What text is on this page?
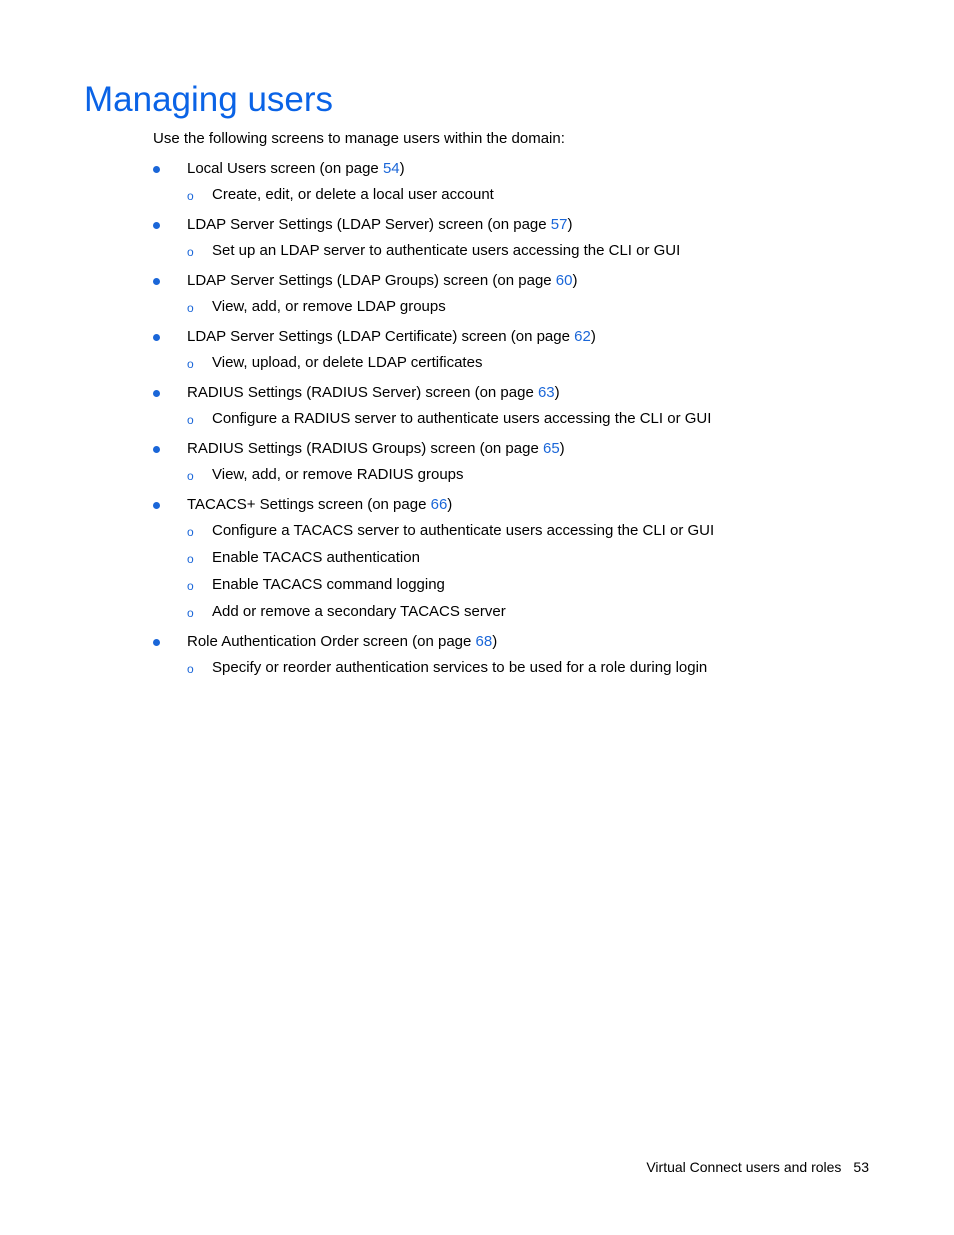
Managing users

Use the following screens to manage users within the domain:

Local Users screen (on page 54)
o Create, edit, or delete a local user account
LDAP Server Settings (LDAP Server) screen (on page 57)
o Set up an LDAP server to authenticate users accessing the CLI or GUI
LDAP Server Settings (LDAP Groups) screen (on page 60)
o View, add, or remove LDAP groups
LDAP Server Settings (LDAP Certificate) screen (on page 62)
o View, upload, or delete LDAP certificates
RADIUS Settings (RADIUS Server) screen (on page 63)
o Configure a RADIUS server to authenticate users accessing the CLI or GUI
RADIUS Settings (RADIUS Groups) screen (on page 65)
o View, add, or remove RADIUS groups
TACACS+ Settings screen (on page 66)
o Configure a TACACS server to authenticate users accessing the CLI or GUI
o Enable TACACS authentication
o Enable TACACS command logging
o Add or remove a secondary TACACS server
Role Authentication Order screen (on page 68)
o Specify or reorder authentication services to be used for a role during login
Virtual Connect users and roles 53
